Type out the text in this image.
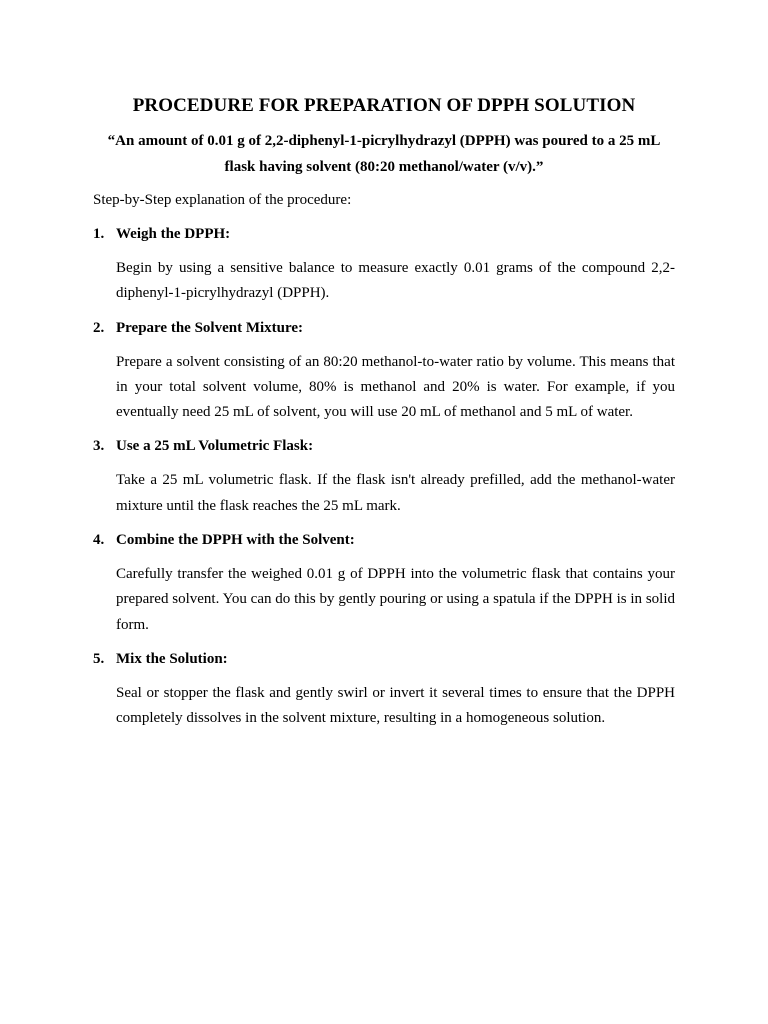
PROCEDURE FOR PREPARATION OF DPPH SOLUTION

“An amount of 0.01 g of 2,2-diphenyl-1-picrylhydrazyl (DPPH) was poured to a 25 mL flask having solvent (80:20 methanol/water (v/v).”

Step-by-Step explanation of the procedure:

1. Weigh the DPPH:

Begin by using a sensitive balance to measure exactly 0.01 grams of the compound 2,2-diphenyl-1-picrylhydrazyl (DPPH).

2. Prepare the Solvent Mixture:

Prepare a solvent consisting of an 80:20 methanol-to-water ratio by volume. This means that in your total solvent volume, 80% is methanol and 20% is water. For example, if you eventually need 25 mL of solvent, you will use 20 mL of methanol and 5 mL of water.

3. Use a 25 mL Volumetric Flask:

Take a 25 mL volumetric flask. If the flask isn't already prefilled, add the methanol-water mixture until the flask reaches the 25 mL mark.

4. Combine the DPPH with the Solvent:

Carefully transfer the weighed 0.01 g of DPPH into the volumetric flask that contains your prepared solvent. You can do this by gently pouring or using a spatula if the DPPH is in solid form.

5. Mix the Solution:

Seal or stopper the flask and gently swirl or invert it several times to ensure that the DPPH completely dissolves in the solvent mixture, resulting in a homogeneous solution.
